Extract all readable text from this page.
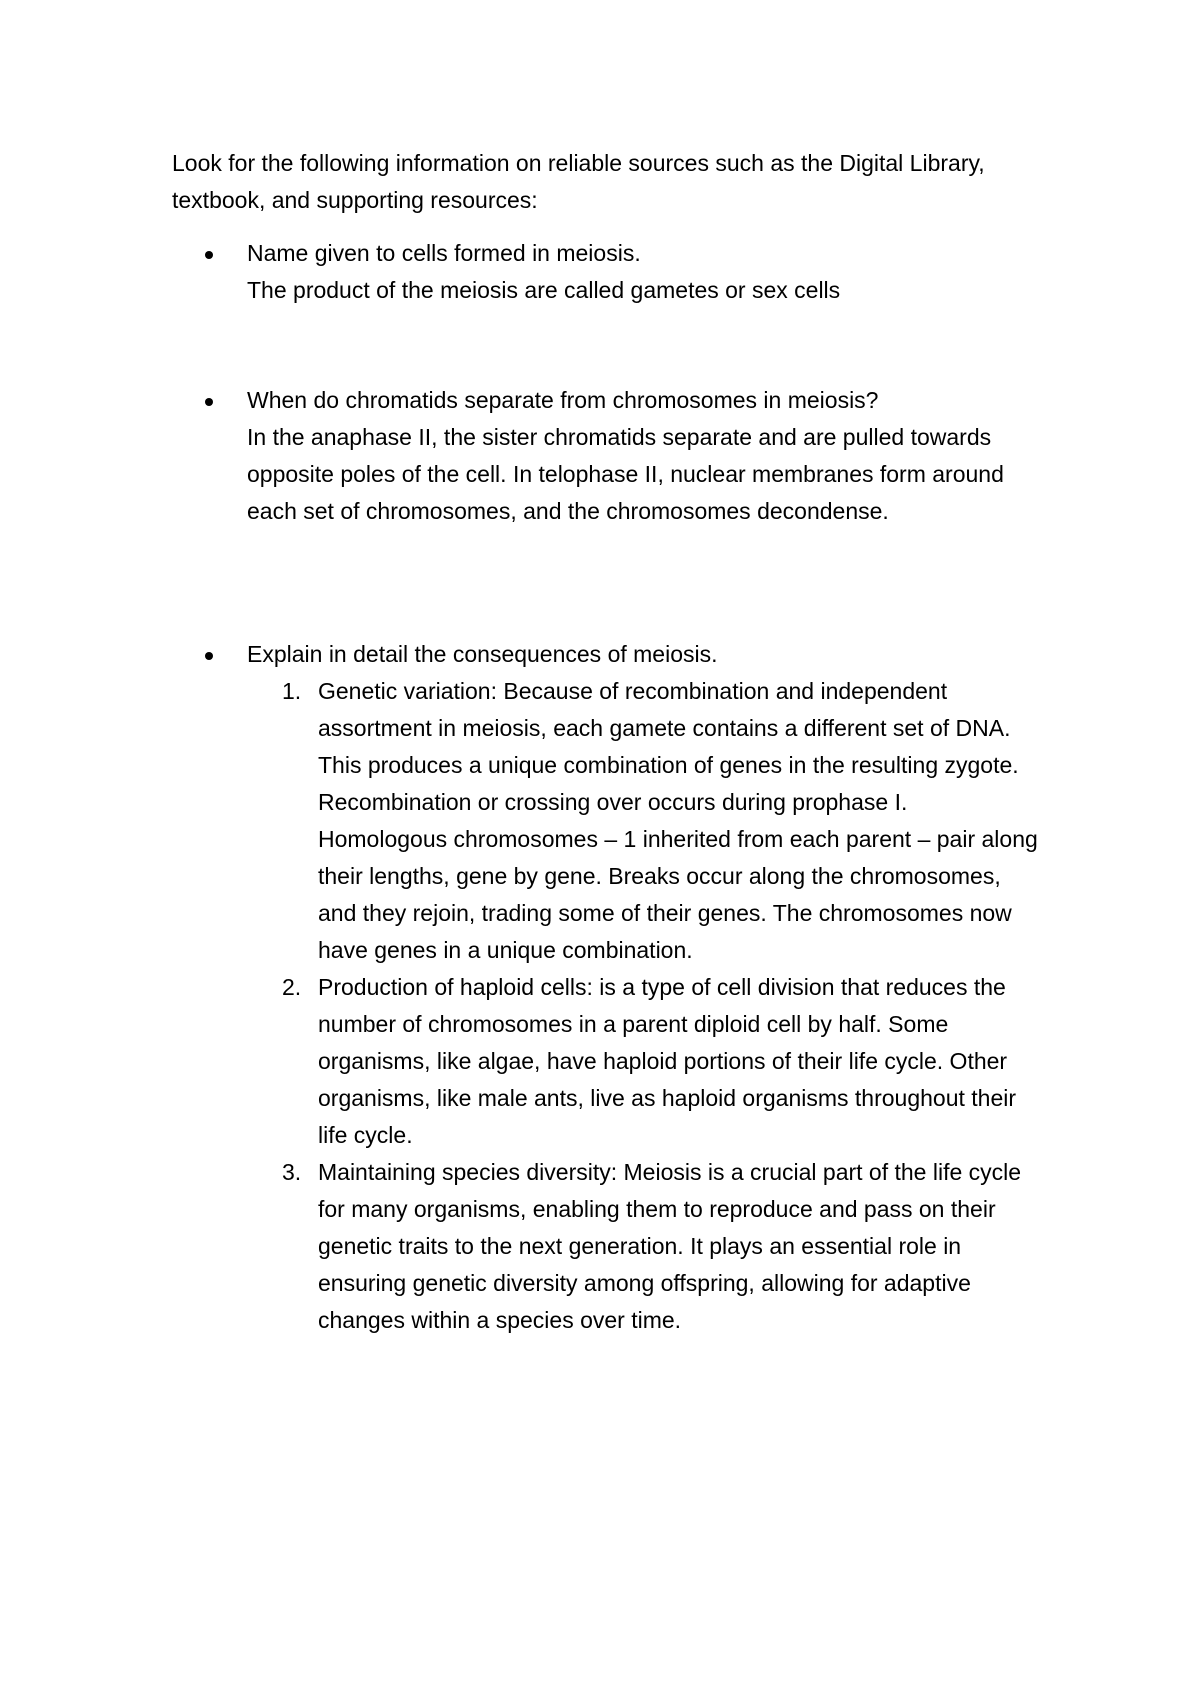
Look for the following information on reliable sources such as the Digital Library, textbook, and supporting resources:

Name given to cells formed in meiosis.

The product of the meiosis are called gametes or sex cells

When do chromatids separate from chromosomes in meiosis?

In the anaphase II, the sister chromatids separate and are pulled towards opposite poles of the cell. In telophase II, nuclear membranes form around each set of chromosomes, and the chromosomes decondense.

Explain in detail the consequences of meiosis.

1. Genetic variation: Because of recombination and independent assortment in meiosis, each gamete contains a different set of DNA. This produces a unique combination of genes in the resulting zygote. Recombination or crossing over occurs during prophase I. Homologous chromosomes – 1 inherited from each parent – pair along their lengths, gene by gene. Breaks occur along the chromosomes, and they rejoin, trading some of their genes. The chromosomes now have genes in a unique combination.
2. Production of haploid cells: is a type of cell division that reduces the number of chromosomes in a parent diploid cell by half. Some organisms, like algae, have haploid portions of their life cycle. Other organisms, like male ants, live as haploid organisms throughout their life cycle.
3. Maintaining species diversity: Meiosis is a crucial part of the life cycle for many organisms, enabling them to reproduce and pass on their genetic traits to the next generation. It plays an essential role in ensuring genetic diversity among offspring, allowing for adaptive changes within a species over time.
